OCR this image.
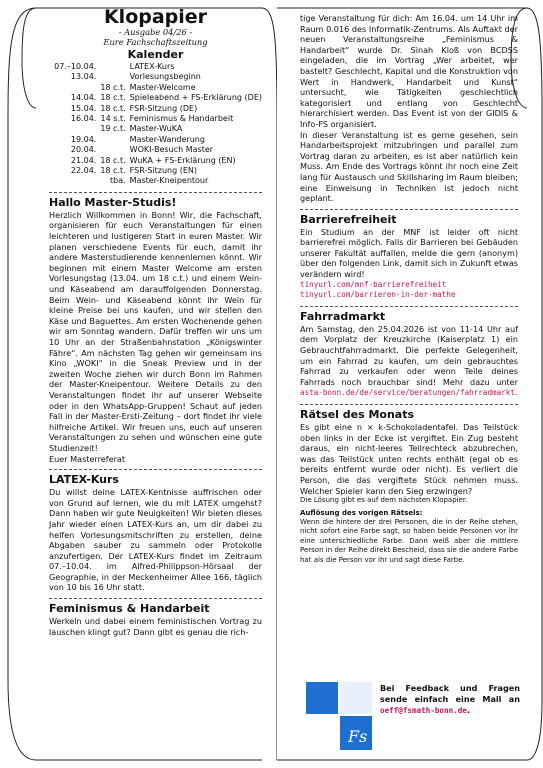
Klopapier
- Ausgabe 04/26 -
Eure Fachschaftszeitung
Kalender
07.–10.04.		LATEX-Kurs
13.04.		Vorlesungsbeginn
	18 c.t.	Master-Welcome
14.04.	18 c.t.	Spieleabend + FS-Erklärung (DE)
15.04.	18 c.t.	FSR-Sitzung (DE)
16.04.	14 s.t.	Feminismus & Handarbeit
	19 c.t.	Master-WuKA
19.04.		Master-Wanderung
20.04.		WOKI-Besuch Master
21.04.	18 c.t.	WuKA + FS-Erklärung (EN)
22.04.	18 c.t.	FSR-Sitzung (EN)
	tba.	Master-Kneipentour
Hallo Master-Studis!
Herzlich Willkommen in Bonn! Wir, die Fachschaft, organisieren für euch Veranstaltungen für einen leichteren und lustigeren Start in euren Master. Wir planen verschiedene Events für euch, damit ihr andere Masterstudierende kennenlernen könnt. Wir beginnen mit einem Master Welcome am ersten Vorlesungstag (13.04. um 18 c.t.) und einem Wein- und Käseabend am darauffolgenden Donnerstag. Beim Wein- und Käseabend könnt ihr Wein für kleine Preise bei uns kaufen, und wir stellen den Käse und Baguettes. Am ersten Wochenende gehen wir am Sonntag wandern. Dafür treffen wir uns um 10 Uhr an der Straßenbahnstation „Königswinter Fähre“. Am nächsten Tag gehen wir gemeinsam ins Kino „WOKI“ in die Sneak Preview und in der zweiten Woche ziehen wir durch Bonn im Rahmen der Master-Kneipentour. Weitere Details zu den Veranstaltungen findet ihr auf unserer Webseite oder in den WhatsApp-Gruppen! Schaut auf jeden Fall in der Master-Ersti-Zeitung – dort findet ihr viele hilfreiche Artikel. Wir freuen uns, euch auf unseren Veranstaltungen zu sehen und wünschen eine gute Studienzeit!
Euer Masterreferat
LATEX-Kurs
Du willst deine LATEX-Kentnisse auffrischen oder von Grund auf lernen, wie du mit LATEX umgehst? Dann haben wir gute Neuigkeiten! Wir bieten dieses Jahr wieder einen LATEX-Kurs an, um dir dabei zu helfen Vorlesungsmitschriften zu erstellen, deine Abgaben sauber zu sammeln oder Protokolle anzufertigen. Der LATEX-Kurs findet im Zeitraum 07.–10.04. im Alfred-Philippson-Hörsaal der Geographie, in der Meckenheimer Allee 166, täglich von 10 bis 16 Uhr statt.
Feminismus & Handarbeit
Werkeln und dabei einem feministischen Vortrag zu lauschen klingt gut? Dann gibt es genau die rich-
tige Veranstaltung für dich: Am 16.04. um 14 Uhr im Raum 0.016 des Informatik-Zentrums. Als Auftakt der neuen Veranstaltungsreihe „Feminismus & Handarbeit“ wurde Dr. Sinah Kloß von BCDSS eingeladen, die im Vortrag „Wer arbeitet, wer bastelt? Geschlecht, Kapital und die Konstruktion von Wert in Handwerk, Handarbeit und Kunst“ untersucht, wie Tätigkeiten geschlechtlich kategorisiert und entlang von Geschlecht hierarchisiert werden. Das Event ist von der GIDIS & Info-FS organisiert.
In dieser Veranstaltung ist es gerne gesehen, sein Handarbeitsprojekt mitzubringen und parallel zum Vortrag daran zu arbeiten, es ist aber natürlich kein Muss. Am Ende des Vortrags könnt ihr noch eine Zeit lang für Austausch und Skillsharing im Raum bleiben; eine Einweisung in Techniken ist jedoch nicht geplant.
Barrierefreiheit
Ein Studium an der MNF ist leider oft nicht barrierefrei möglich. Falls dir Barrieren bei Gebäuden unserer Fakultät auffallen, melde die gern (anonym) über den folgenden Link, damit sich in Zukunft etwas verändern wird!
tinyurl.com/mnf-barrierefreiheit
tinyurl.com/barrieren-in-der-mathe
Fahrradmarkt
Am Samstag, den 25.04.2026 ist von 11-14 Uhr auf dem Vorplatz der Kreuzkirche (Kaiserplatz 1) ein Gebrauchtfahrradmarkt. Die perfekte Gelegenheit, um ein Fahrrad zu kaufen, um dein gebrauchtes Fahrrad zu verkaufen oder wenn Teile deines Fahrrads noch brauchbar sind! Mehr dazu unter asta-bonn.de/de/service/beratungen/fahrradmarkt.
Rätsel des Monats
Es gibt eine n × k-Schokoladentafel. Das Teilstück oben links in der Ecke ist vergiftet. Ein Zug besteht daraus, ein nicht-leeres Teilrechteck abzubrechen, was das Teilstück unten rechts enthält (egal ob es bereits entfernt wurde oder nicht). Es verliert die Person, die das vergiftete Stück nehmen muss. Welcher Spieler kann den Sieg erzwingen?
Die Lösung gibt es auf dem nächsten Klopapier.
Auflösung des vorigen Rätsels:
Wenn die hintere der drei Personen, die in der Reihe stehen, nicht sofort eine Farbe sagt, so haben beide Personen vor ihr eine unterschiedliche Farbe. Dann weiß aber die mittlere Person in der Reihe direkt Bescheid, dass sie die andere Farbe hat als die Person vor ihr und sagt diese Farbe.
Fs
Bei Feedback und Fragen sende einfach eine Mail an oeff@fsmath-bonn.de.
